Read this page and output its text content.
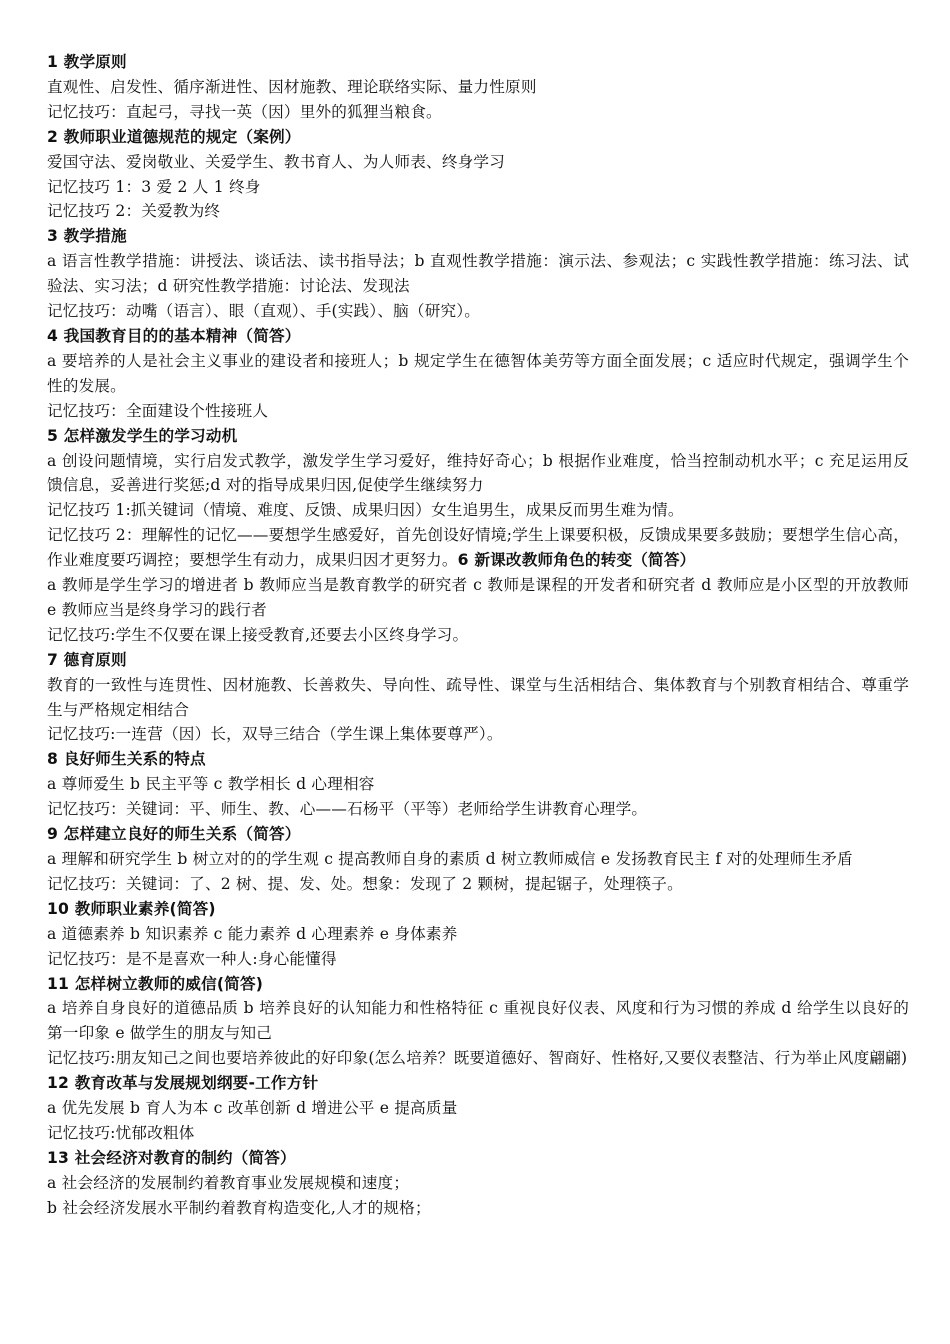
1 教学原则
直观性、启发性、循序渐进性、因材施教、理论联络实际、量力性原则
记忆技巧：直起弓，寻找一英（因）里外的狐狸当粮食。
2 教师职业道德规范的规定（案例）
爱国守法、爱岗敬业、关爱学生、教书育人、为人师表、终身学习
记忆技巧 1：3 爱 2 人 1 终身
记忆技巧 2：关爱教为终
3 教学措施
a 语言性教学措施：讲授法、谈话法、读书指导法；b 直观性教学措施：演示法、参观法；c 实践性教学措施：练习法、试验法、实习法；d 研究性教学措施：讨论法、发现法
记忆技巧：动嘴（语言）、眼（直观）、手(实践）、脑（研究）。
4 我国教育目的的基本精神（简答）
a 要培养的人是社会主义事业的建设者和接班人；b 规定学生在德智体美劳等方面全面发展；c 适应时代规定，强调学生个性的发展。
记忆技巧：全面建设个性接班人
5 怎样激发学生的学习动机
a 创设问题情境，实行启发式教学，激发学生学习爱好，维持好奇心；b 根据作业难度，恰当控制动机水平；c 充足运用反馈信息，妥善进行奖惩;d 对的指导成果归因,促使学生继续努力
记忆技巧 1:抓关键词（情境、难度、反馈、成果归因）女生追男生，成果反而男生难为情。
记忆技巧 2：理解性的记忆——要想学生感爱好，首先创设好情境;学生上课要积极，反馈成果要多鼓励；要想学生信心高，作业难度要巧调控；要想学生有动力，成果归因才更努力。6 新课改教师角色的转变（简答）
a 教师是学生学习的增进者 b 教师应当是教育教学的研究者 c 教师是课程的开发者和研究者 d 教师应是小区型的开放教师 e 教师应当是终身学习的践行者
记忆技巧:学生不仅要在课上接受教育,还要去小区终身学习。
7 德育原则
教育的一致性与连贯性、因材施教、长善救失、导向性、疏导性、课堂与生活相结合、集体教育与个别教育相结合、尊重学生与严格规定相结合
记忆技巧:一连营（因）长，双导三结合（学生课上集体要尊严）。
8 良好师生关系的特点
a 尊师爱生 b 民主平等 c 教学相长 d 心理相容
记忆技巧：关键词：平、师生、教、心——石杨平（平等）老师给学生讲教育心理学。
9 怎样建立良好的师生关系（简答）
a 理解和研究学生 b 树立对的的学生观 c 提高教师自身的素质 d 树立教师威信 e 发扬教育民主 f 对的处理师生矛盾
记忆技巧：关键词：了、2 树、提、发、处。想象：发现了 2 颗树，提起锯子，处理筷子。
10 教师职业素养(简答)
a 道德素养 b 知识素养 c 能力素养 d 心理素养 e 身体素养
记忆技巧：是不是喜欢一种人:身心能懂得
11 怎样树立教师的威信(简答)
a 培养自身良好的道德品质 b 培养良好的认知能力和性格特征 c 重视良好仪表、风度和行为习惯的养成 d 给学生以良好的第一印象 e 做学生的朋友与知己
记忆技巧:朋友知己之间也要培养彼此的好印象(怎么培养？既要道德好、智商好、性格好,又要仪表整洁、行为举止风度翩翩)
12 教育改革与发展规划纲要-工作方针
a 优先发展 b 育人为本 c 改革创新 d 增进公平 e 提高质量
记忆技巧:忧郁改粗体
13 社会经济对教育的制约（简答）
a 社会经济的发展制约着教育事业发展规模和速度；
b 社会经济发展水平制约着教育构造变化,人才的规格；
